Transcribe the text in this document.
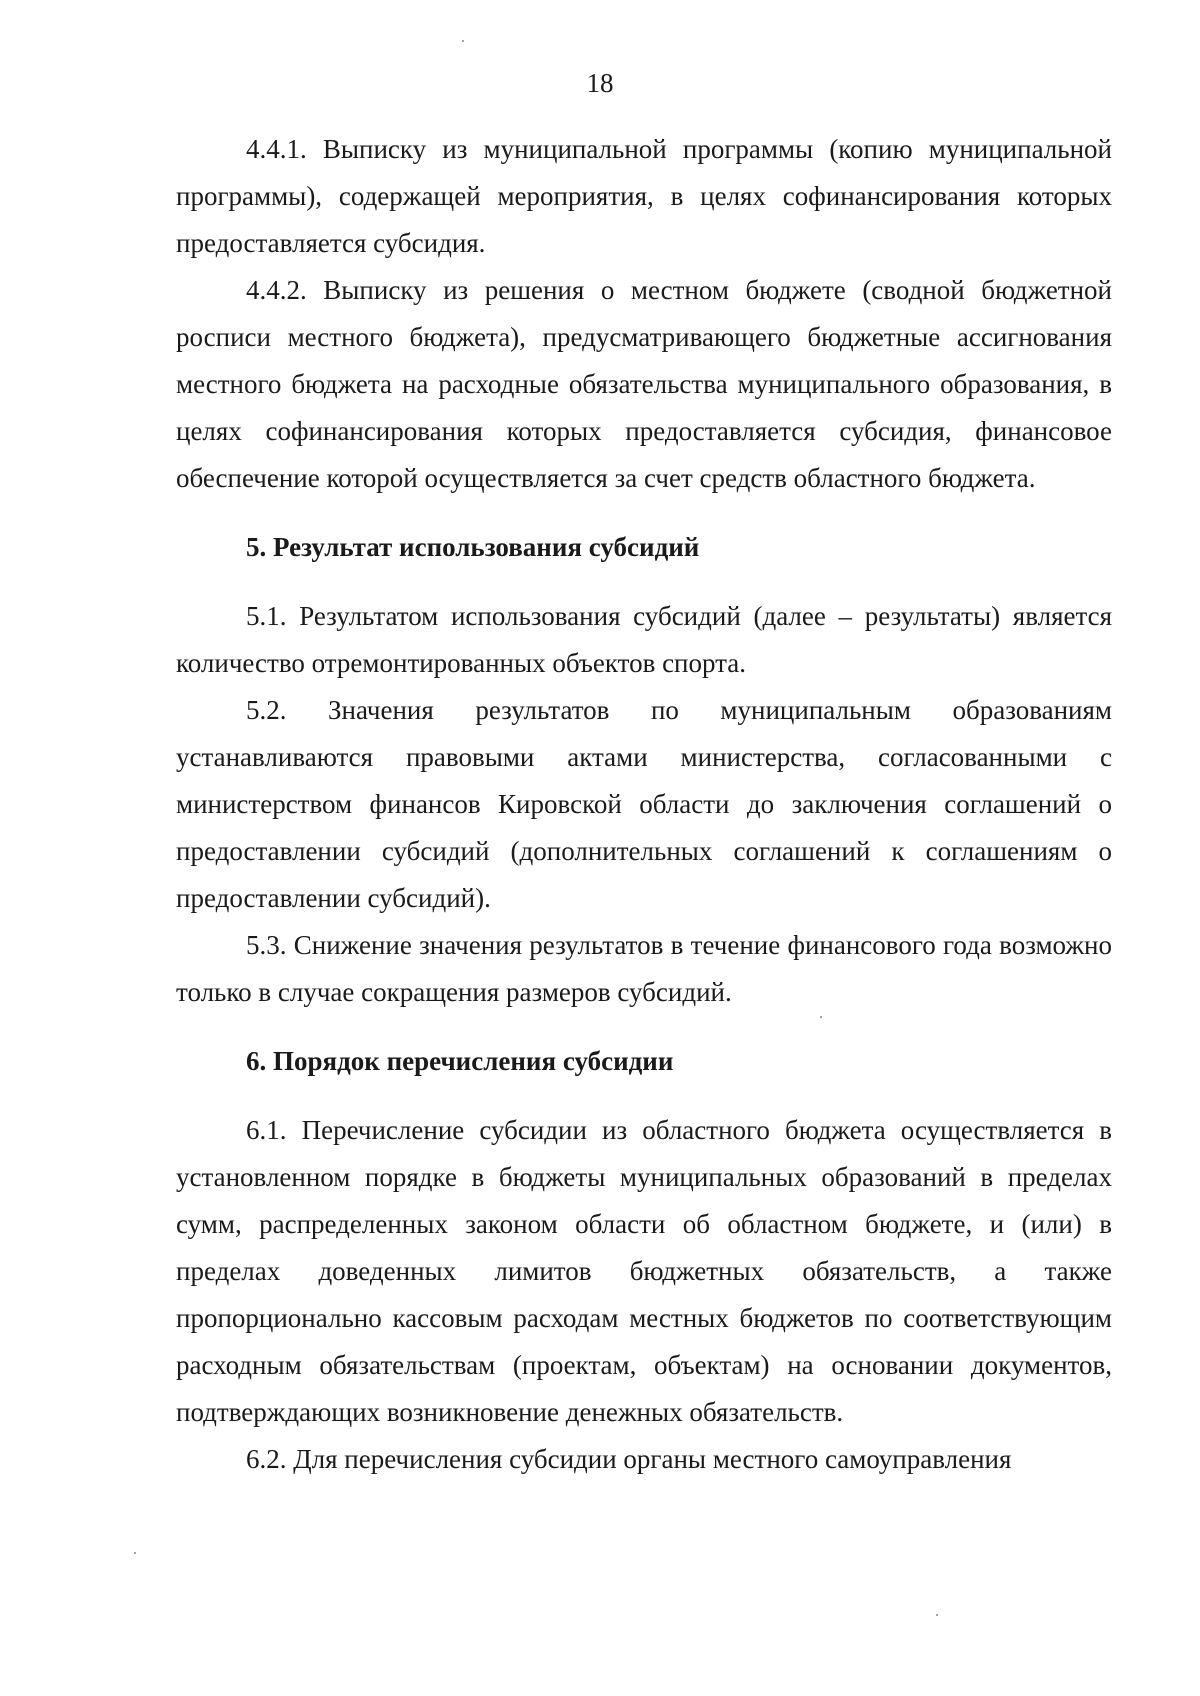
18

4.4.1. Выписку из муниципальной программы (копию муниципальной программы), содержащей мероприятия, в целях софинансирования которых предоставляется субсидия.

4.4.2. Выписку из решения о местном бюджете (сводной бюджетной росписи местного бюджета), предусматривающего бюджетные ассигнования местного бюджета на расходные обязательства муниципального образования, в целях софинансирования которых предоставляется субсидия, финансовое обеспечение которой осуществляется за счет средств областного бюджета.

5. Результат использования субсидий

5.1. Результатом использования субсидий (далее – результаты) является количество отремонтированных объектов спорта.

5.2. Значения результатов по муниципальным образованиям устанавливаются правовыми актами министерства, согласованными с министерством финансов Кировской области до заключения соглашений о предоставлении субсидий (дополнительных соглашений к соглашениям о предоставлении субсидий).

5.3. Снижение значения результатов в течение финансового года возможно только в случае сокращения размеров субсидий.

6. Порядок перечисления субсидии

6.1. Перечисление субсидии из областного бюджета осуществляется в установленном порядке в бюджеты муниципальных образований в пределах сумм, распределенных законом области об областном бюджете, и (или) в пределах доведенных лимитов бюджетных обязательств, а также пропорционально кассовым расходам местных бюджетов по соответствующим расходным обязательствам (проектам, объектам) на основании документов, подтверждающих возникновение денежных обязательств.

6.2. Для перечисления субсидии органы местного самоуправления
